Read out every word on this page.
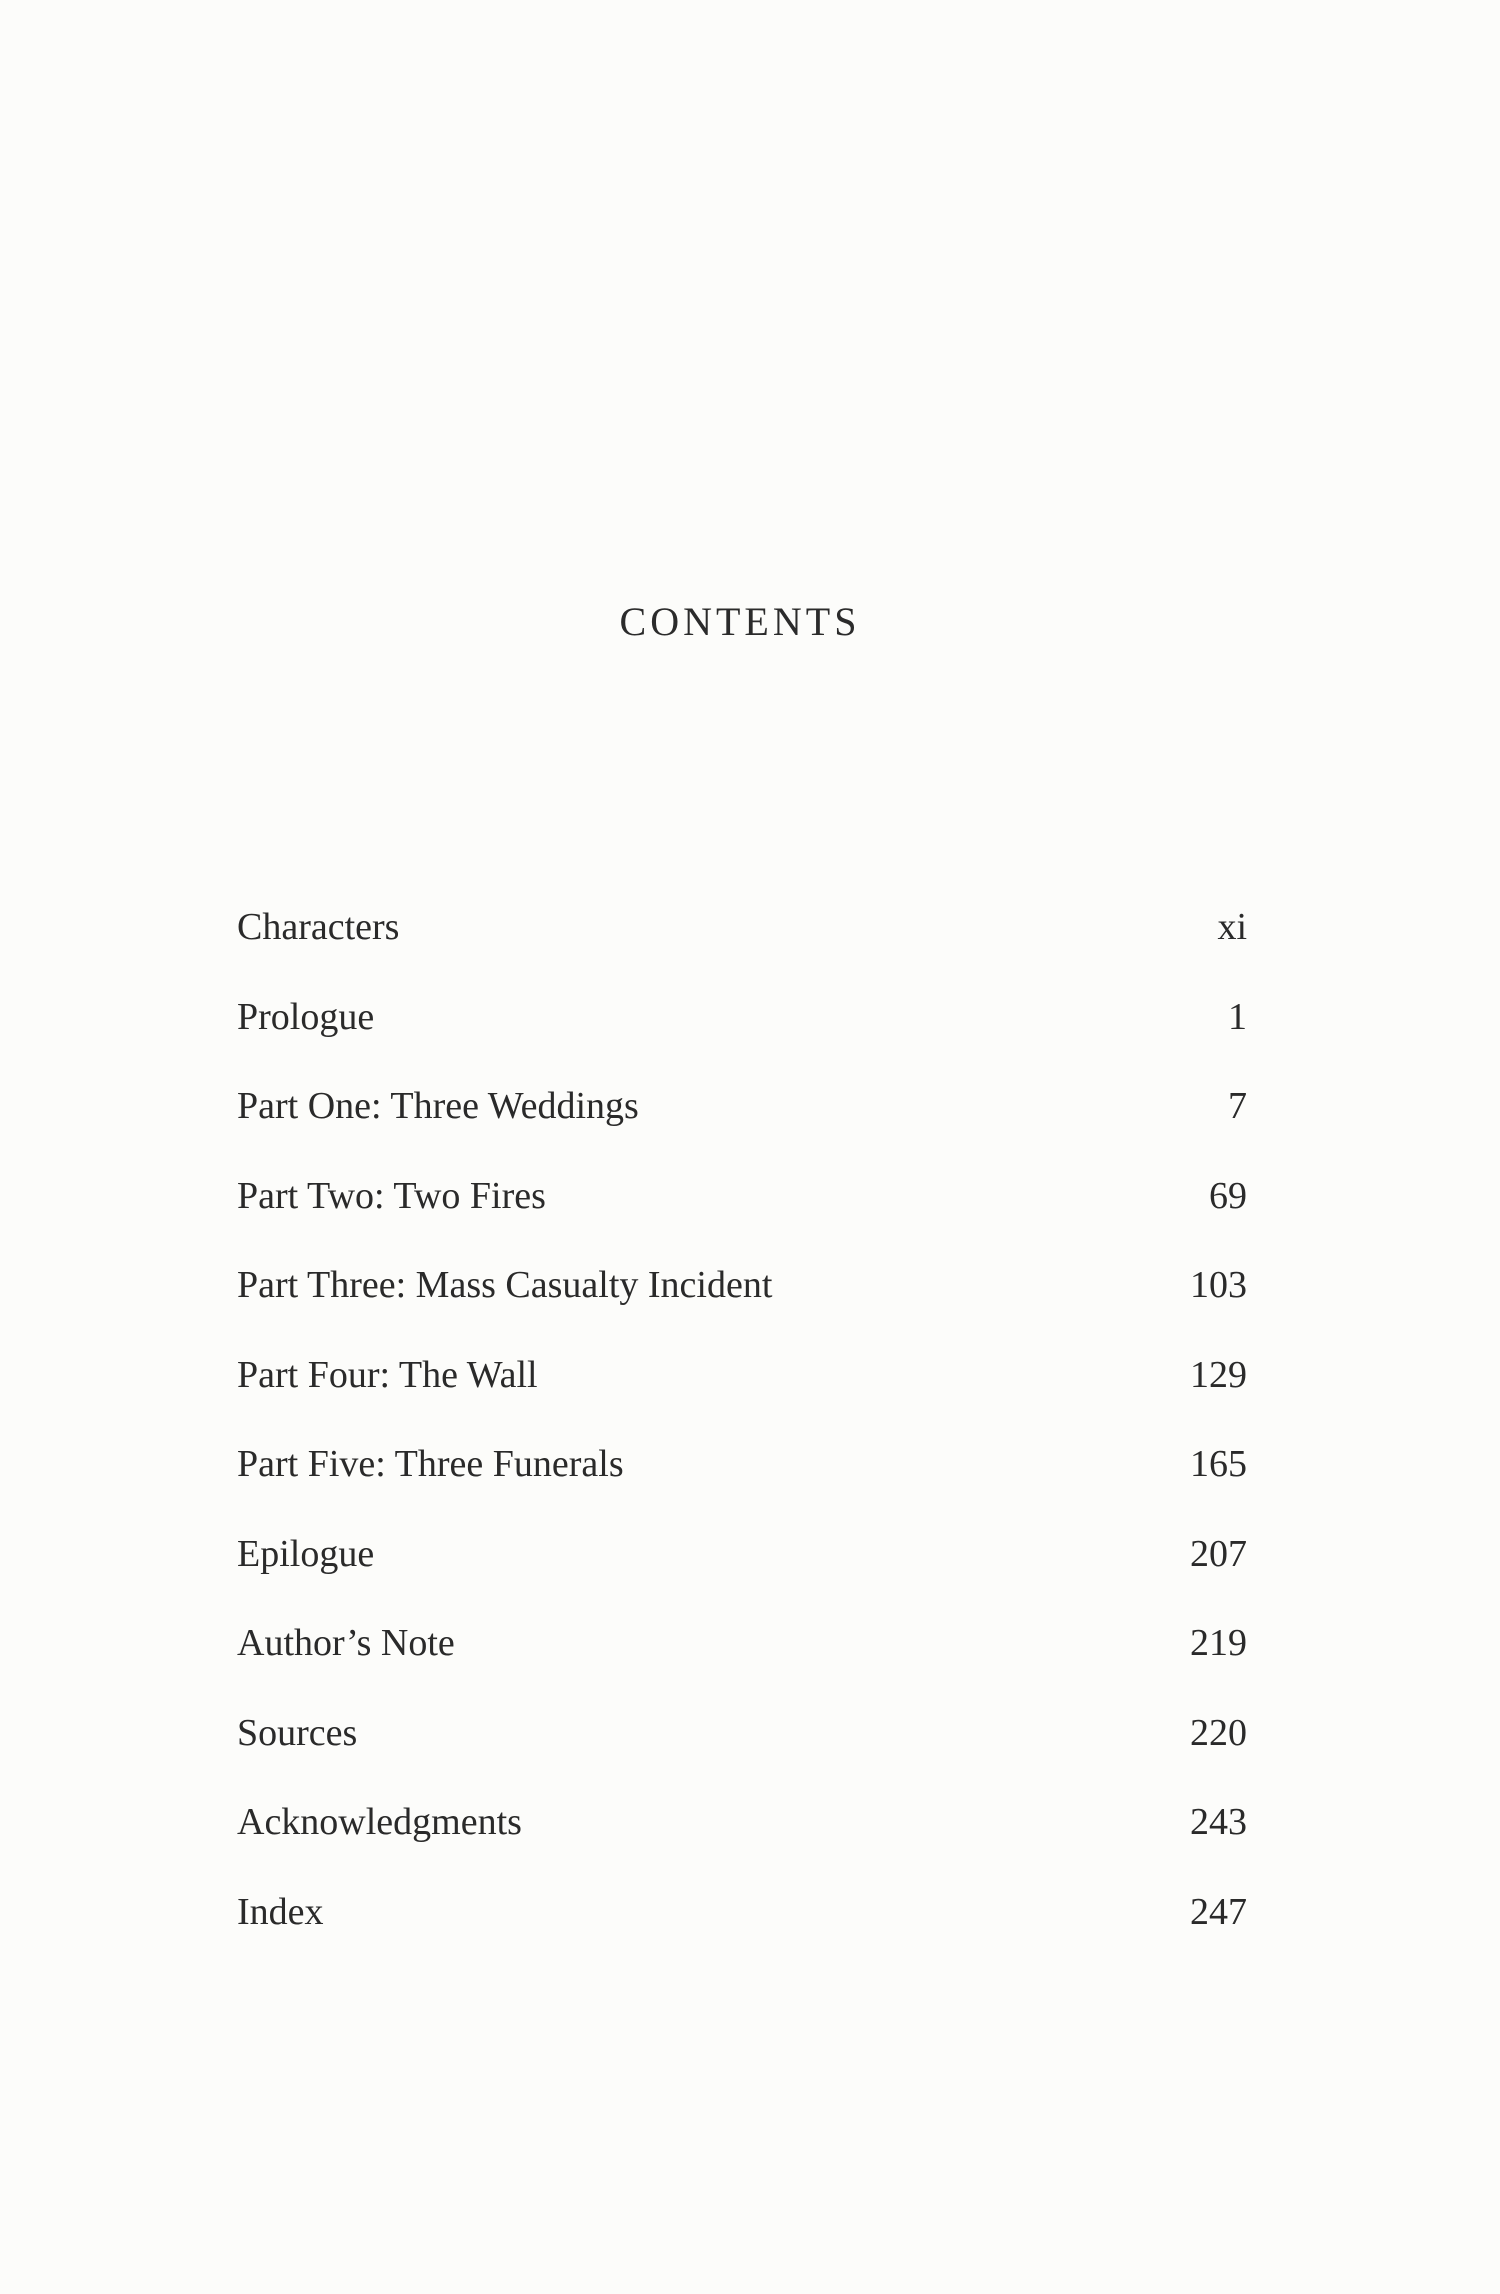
CONTENTS
Characters	xi
Prologue	1
Part One: Three Weddings	7
Part Two: Two Fires	69
Part Three: Mass Casualty Incident	103
Part Four: The Wall	129
Part Five: Three Funerals	165
Epilogue	207
Author’s Note	219
Sources	220
Acknowledgments	243
Index	247
